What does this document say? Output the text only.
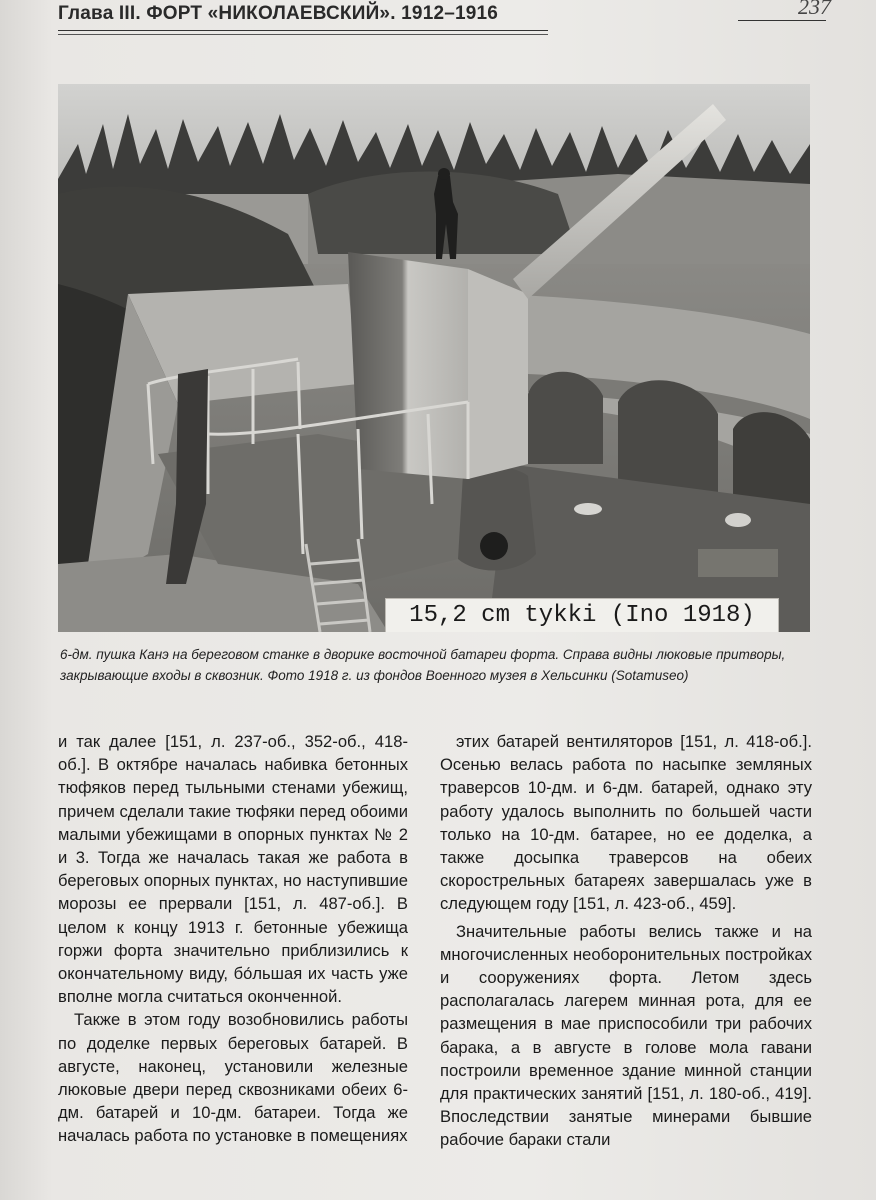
Глава III. ФОРТ «НИКОЛАЕВСКИЙ». 1912–1916	237
15,2 cm tykki (Ino 1918)
6-дм. пушка Канэ на береговом станке в дворике восточной батареи форта. Справа видны люковые притворы, закрывающие входы в сквозник. Фото 1918 г. из фондов Военного музея в Хельсинки (Sotamuseo)

и так далее [151, л. 237-об., 352-об., 418-об.]. В октябре началась набивка бетонных тюфяков перед тыльными стенами убежищ, причем сделали такие тюфяки перед обоими малыми убежищами в опорных пунктах № 2 и 3. Тогда же началась такая же работа в береговых опорных пунктах, но наступившие морозы ее прервали [151, л. 487-об.]. В целом к концу 1913 г. бетонные убежища горжи форта значительно приблизились к окончательному виду, бо́льшая их часть уже вполне могла считаться оконченной.

Также в этом году возобновились работы по доделке первых береговых батарей. В августе, наконец, установили железные люковые двери перед сквозниками обеих 6-дм. батарей и 10-дм. батареи. Тогда же началась работа по установке в помещениях

этих батарей вентиляторов [151, л. 418-об.]. Осенью велась работа по насыпке земляных траверсов 10-дм. и 6-дм. батарей, однако эту работу удалось выполнить по большей части только на 10-дм. батарее, но ее доделка, а также досыпка траверсов на обеих скорострельных батареях завершалась уже в следующем году [151, л. 423-об., 459].

Значительные работы велись также и на многочисленных необоронительных постройках и сооружениях форта. Летом здесь располагалась лагерем минная рота, для ее размещения в мае приспособили три рабочих барака, а в августе в голове мола гавани построили временное здание минной станции для практических занятий [151, л. 180-об., 419]. Впоследствии занятые минерами бывшие рабочие бараки стали
